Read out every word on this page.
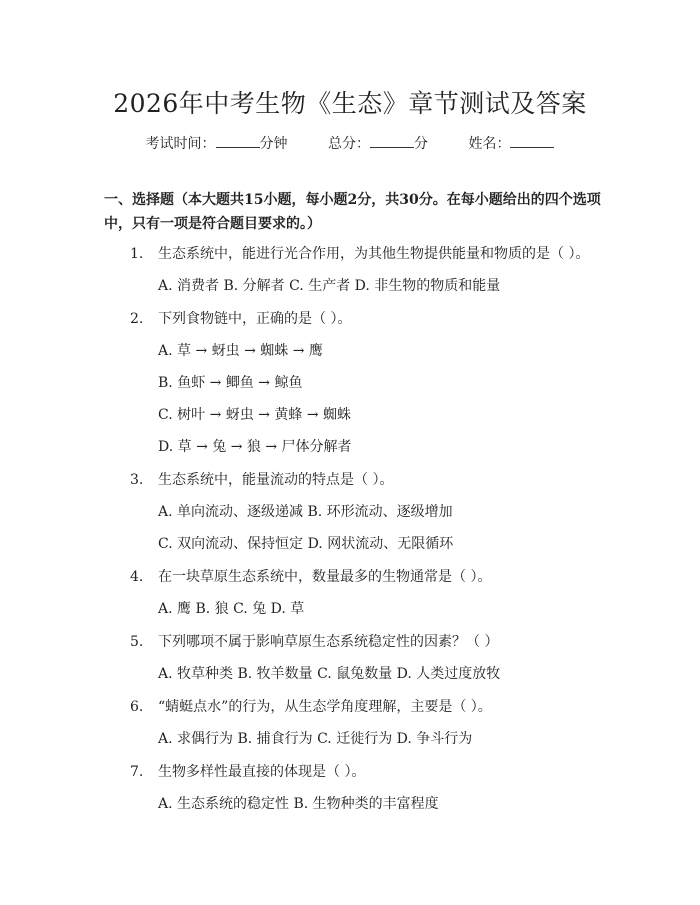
2026年中考生物《生态》章节测试及答案
考试时间：	分钟	总分：	分	姓名：
一、选择题（本大题共15小题，每小题2分，共30分。在每小题给出的四个选项中，只有一项是符合题目要求的。）
1. 生态系统中，能进行光合作用，为其他生物提供能量和物质的是（ ）。
A. 消费者 B. 分解者 C. 生产者 D. 非生物的物质和能量
2. 下列食物链中，正确的是（ ）。
A. 草 → 蚜虫 → 蜘蛛 → 鹰
B. 鱼虾 → 鲫鱼 → 鲸鱼
C. 树叶 → 蚜虫 → 黄蜂 → 蜘蛛
D. 草 → 兔 → 狼 → 尸体分解者
3. 生态系统中，能量流动的特点是（ ）。
A. 单向流动、逐级递减 B. 环形流动、逐级增加
C. 双向流动、保持恒定 D. 网状流动、无限循环
4. 在一块草原生态系统中，数量最多的生物通常是（ ）。
A. 鹰 B. 狼 C. 兔 D. 草
5. 下列哪项不属于影响草原生态系统稳定性的因素？（ ）
A. 牧草种类 B. 牧羊数量 C. 鼠兔数量 D. 人类过度放牧
6. “蜻蜓点水”的行为，从生态学角度理解，主要是（ ）。
A. 求偶行为 B. 捕食行为 C. 迁徙行为 D. 争斗行为
7. 生物多样性最直接的体现是（ ）。
A. 生态系统的稳定性 B. 生物种类的丰富程度
